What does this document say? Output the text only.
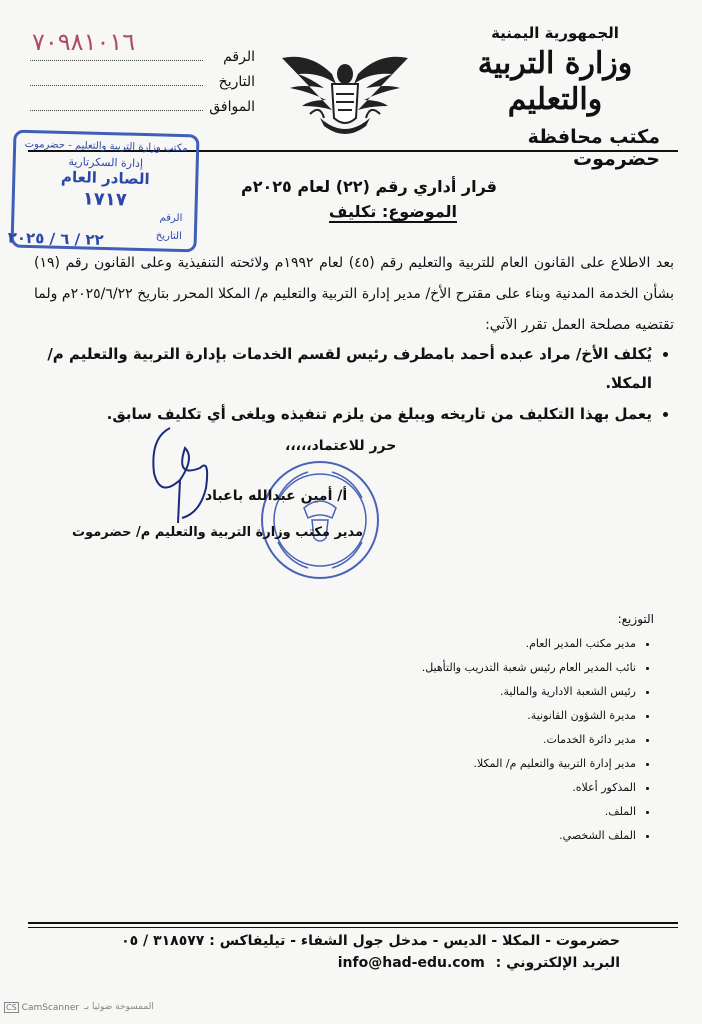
الجمهورية اليمنية
وزارة التربية والتعليم
مكتب محافظة حضرموت
الرقم
٧٠٩٨١٠١٦
التاريخ
الموافق
مكتب وزارة التربية والتعليم - حضرموت
إدارة السكرتارية
الصادر العام
١٧١٧
الرقم
التاريخ
٢٢ / ٦ / ٢٠٢٥
قرار أداري رقم (٢٢) لعام ٢٠٢٥م
الموضوع: تكليف
بعد الاطلاع على القانون العام للتربية والتعليم رقم (٤٥) لعام ١٩٩٢م ولائحته التنفيذية وعلى القانون رقم (١٩) بشأن الخدمة المدنية وبناء على مقترح الأخ/ مدير إدارة التربية والتعليم م/ المكلا المحرر بتاريخ ٢٠٢٥/٦/٢٢م ولما تقتضيه مصلحة العمل تقرر الآتي:
• يُكلف الأخ/ مراد عبده أحمد بامطرف رئيس لقسم الخدمات بإدارة التربية والتعليم م/ المكلا.
• يعمل بهذا التكليف من تاريخه ويبلغ من يلزم تنفيذه ويلغى أي تكليف سابق.
حرر للاعتماد،،،،،
أ/ أمين عبدالله باعباد
مدير مكتب وزارة التربية والتعليم م/ حضرموت
التوزيع:
• مدير مكتب المدير العام.
• نائب المدير العام رئيس شعبة التدريب والتأهيل.
• رئيس الشعبة الادارية والمالية.
• مديرة الشؤون القانونية.
• مدير دائرة الخدمات.
• مدير إدارة التربية والتعليم م/ المكلا.
• المذكور أعلاه.
• الملف.
• الملف الشخصي.
حضرموت - المكلا - الديس - مدخل جول الشفاء - تيليفاكس : ٣١٨٥٧٧ / ٠٥
البريد الإلكتروني : info@had-edu.com
CS CamScanner الممسوحة ضوئيا بـ
